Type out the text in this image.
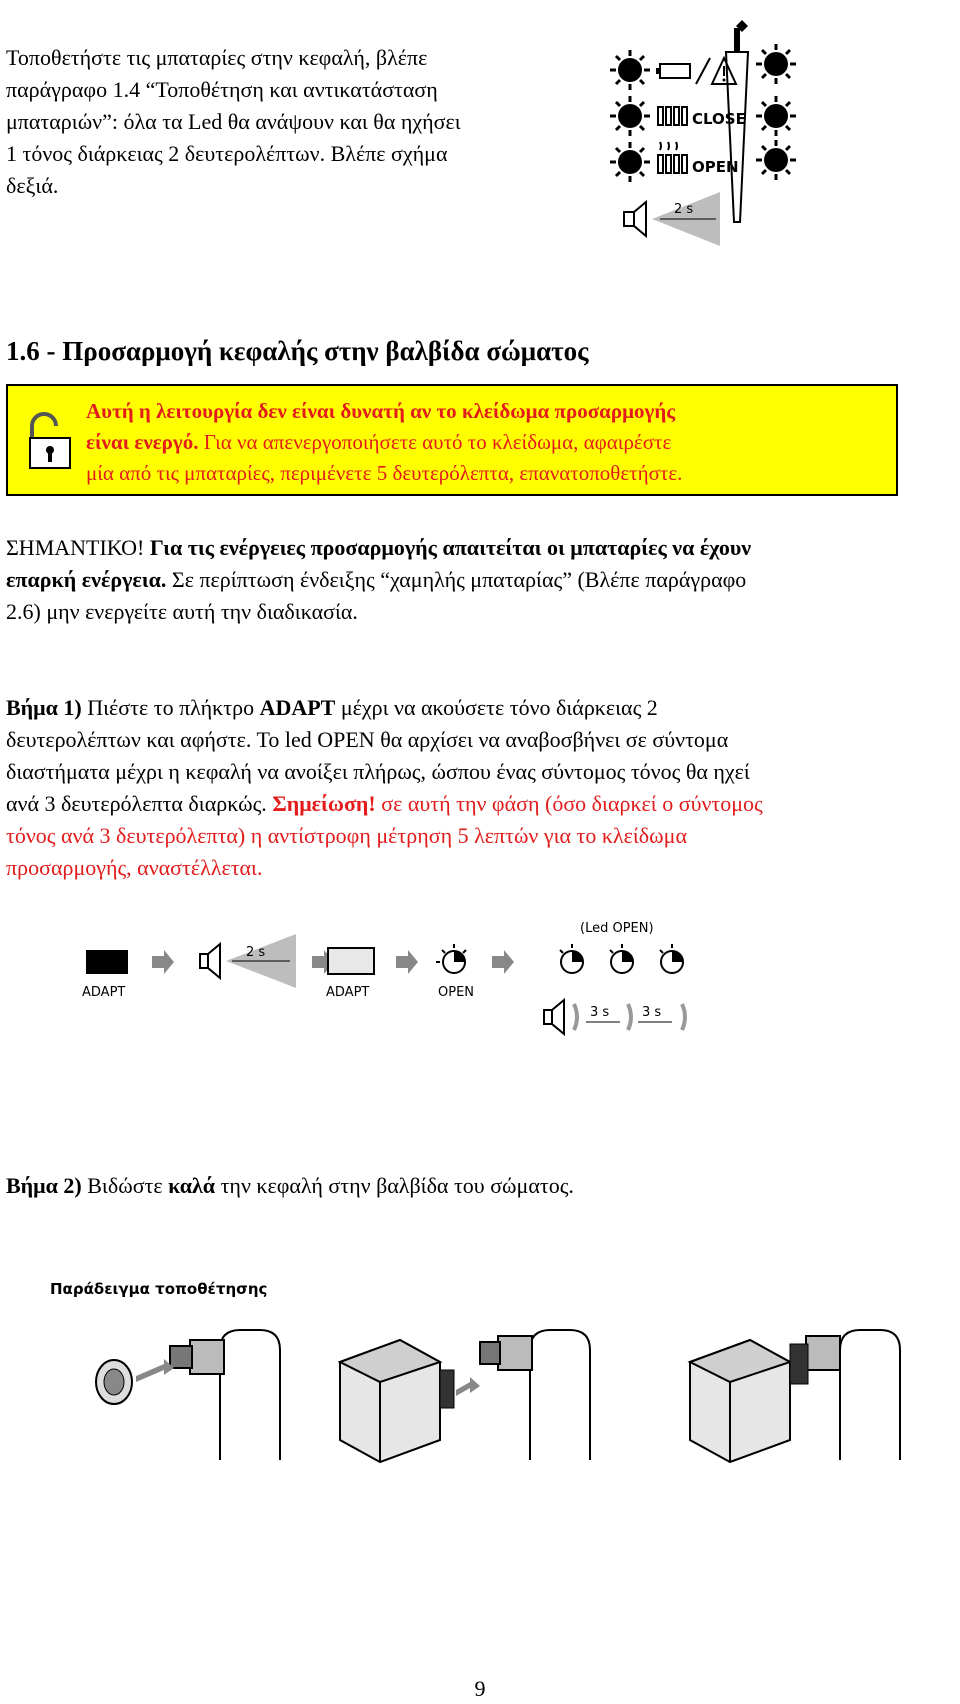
Τοποθετήστε τις μπαταρίες στην κεφαλή, βλέπε
παράγραφο 1.4 “Τοποθέτηση και αντικατάσταση
μπαταριών”: όλα τα Led θα ανάψουν και θα ηχήσει
1 τόνος διάρκειας 2 δευτερολέπτων. Βλέπε σχήμα
δεξιά.
CLOSE
OPEN
2 s
1.6 - Προσαρμογή κεφαλής στην βαλβίδα σώματος
Αυτή η λειτουργία δεν είναι δυνατή αν το κλείδωμα προσαρμογής
είναι ενεργό. Για να απενεργοποιήσετε αυτό το κλείδωμα, αφαιρέστε
μία από τις μπαταρίες, περιμένετε 5 δευτερόλεπτα, επανατοποθετήστε.
ΣΗΜΑΝΤΙΚΟ! Για τις ενέργειες προσαρμογής απαιτείται οι μπαταρίες να έχουν
επαρκή ενέργεια. Σε περίπτωση ένδειξης “χαμηλής μπαταρίας” (Βλέπε παράγραφο
2.6) μην ενεργείτε αυτή την διαδικασία.
Βήμα 1) Πιέστε το πλήκτρο ADAPT μέχρι να ακούσετε τόνο διάρκειας 2
δευτερολέπτων και αφήστε. Το led OPEN θα αρχίσει να αναβοσβήνει σε σύντομα
διαστήματα μέχρι η κεφαλή να ανοίξει πλήρως, ώσπου ένας σύντομος τόνος θα ηχεί
ανά 3 δευτερόλεπτα διαρκώς. Σημείωση! σε αυτή την φάση (όσο διαρκεί ο σύντομος
τόνος ανά 3 δευτερόλεπτα) η αντίστροφη μέτρηση 5 λεπτών για το κλείδωμα
προσαρμογής, αναστέλλεται.
ADAPT
2 s
ADAPT	OPEN
(Led OPEN)
3 s	3 s
Βήμα 2) Βιδώστε καλά την κεφαλή στην βαλβίδα του σώματος.
Παράδειγμα τοποθέτησης
9
